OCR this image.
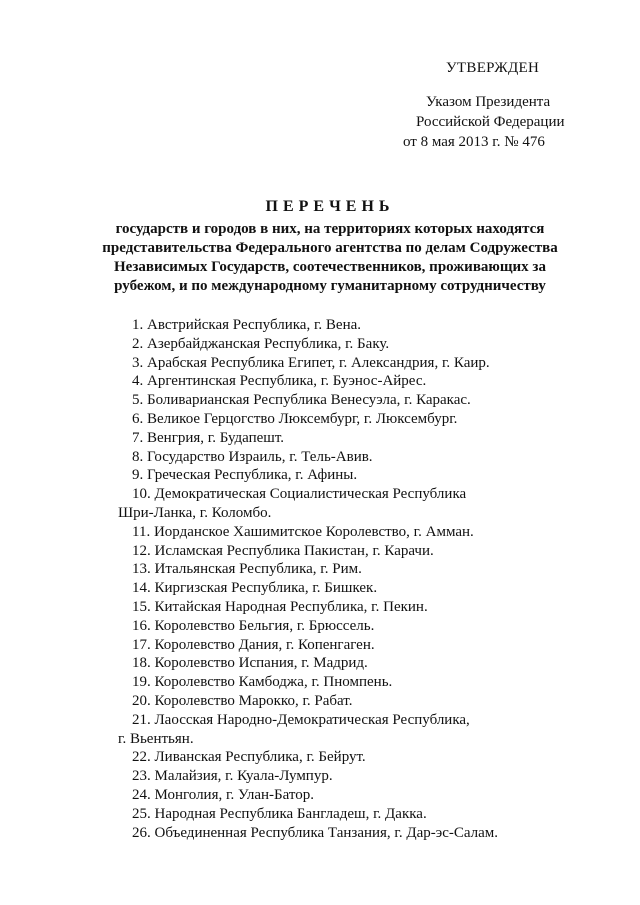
УТВЕРЖДЕН
Указом Президента
Российской Федерации
от 8 мая 2013 г. № 476
ПЕРЕЧЕНЬ
государств и городов в них, на территориях которых находятся
представительства Федерального агентства по делам Содружества
Независимых Государств, соотечественников, проживающих за
рубежом, и по международному гуманитарному сотрудничеству
1. Австрийская Республика, г. Вена.
2. Азербайджанская Республика, г. Баку.
3. Арабская Республика Египет, г. Александрия, г. Каир.
4. Аргентинская Республика, г. Буэнос-Айрес.
5. Боливарианская Республика Венесуэла, г. Каракас.
6. Великое Герцогство Люксембург, г. Люксембург.
7. Венгрия, г. Будапешт.
8. Государство Израиль, г. Тель-Авив.
9. Греческая Республика, г. Афины.
10. Демократическая Социалистическая Республика
Шри-Ланка, г. Коломбо.
11. Иорданское Хашимитское Королевство, г. Амман.
12. Исламская Республика Пакистан, г. Карачи.
13. Итальянская Республика, г. Рим.
14. Киргизская Республика, г. Бишкек.
15. Китайская Народная Республика, г. Пекин.
16. Королевство Бельгия, г. Брюссель.
17. Королевство Дания, г. Копенгаген.
18. Королевство Испания, г. Мадрид.
19. Королевство Камбоджа, г. Пномпень.
20. Королевство Марокко, г. Рабат.
21. Лаосская Народно-Демократическая Республика,
г. Вьентьян.
22. Ливанская Республика, г. Бейрут.
23. Малайзия, г. Куала-Лумпур.
24. Монголия, г. Улан-Батор.
25. Народная Республика Бангладеш, г. Дакка.
26. Объединенная Республика Танзания, г. Дар-эс-Салам.
